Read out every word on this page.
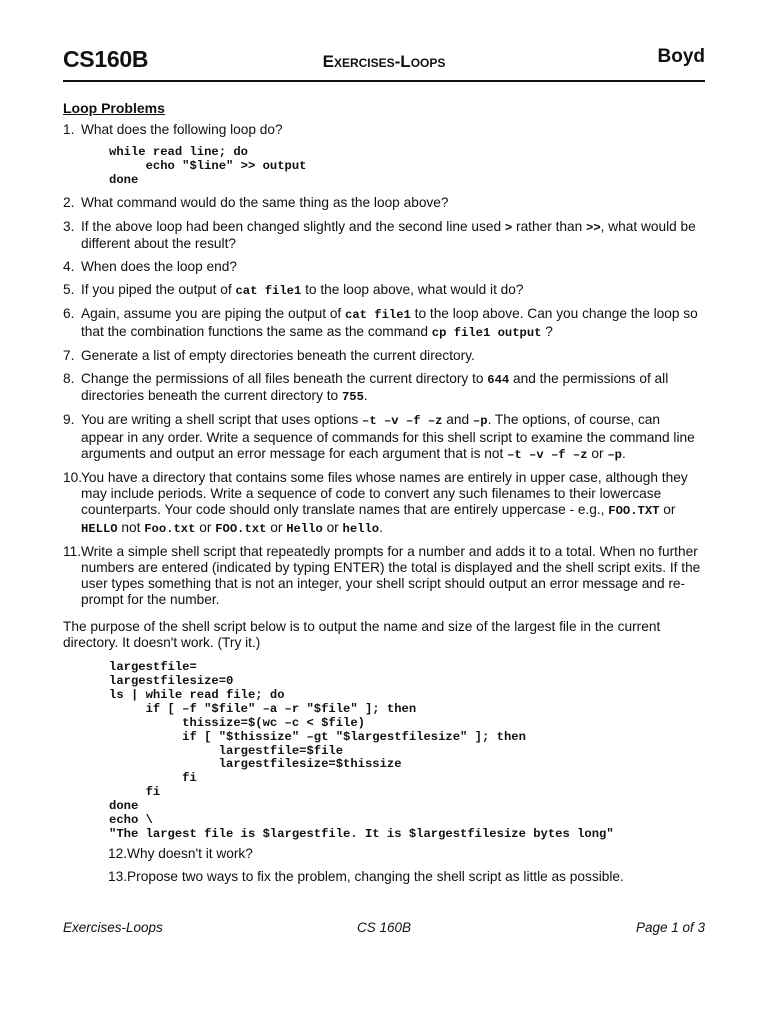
CS160B	Exercises-Loops	Boyd
Loop Problems
1. What does the following loop do?
while read line; do
echo "$line" >> output
done
2. What command would do the same thing as the loop above?
3. If the above loop had been changed slightly and the second line used > rather than >>, what would be different about the result?
4. When does the loop end?
5. If you piped the output of cat file1 to the loop above, what would it do?
6. Again, assume you are piping the output of cat file1 to the loop above. Can you change the loop so that the combination functions the same as the command cp file1 output ?
7. Generate a list of empty directories beneath the current directory.
8. Change the permissions of all files beneath the current directory to 644 and the permissions of all directories beneath the current directory to 755.
9. You are writing a shell script that uses options –t –v –f –z and –p. The options, of course, can appear in any order. Write a sequence of commands for this shell script to examine the command line arguments and output an error message for each argument that is not –t –v –f –z or –p.
10.
You have a directory that contains some files whose names are entirely in upper case, although they may include periods. Write a sequence of code to convert any such filenames to their lowercase counterparts. Your code should only translate names that are entirely uppercase - e.g., FOO.TXT or HELLO not Foo.txt or FOO.txt or Hello or hello.
11. Write a simple shell script that repeatedly prompts for a number and adds it to a total. When no further numbers are entered (indicated by typing ENTER) the total is displayed and the shell script exits. If the user types something that is not an integer, your shell script should output an error message and re-prompt for the number.
The purpose of the shell script below is to output the name and size of the largest file in the current directory. It doesn't work. (Try it.)
largestfile=
largestfilesize=0
ls | while read file; do
if [ –f "$file" –a –r "$file" ]; then
thissize=$(wc –c < $file)
if [ "$thissize" –gt "$largestfilesize" ]; then
largestfile=$file
largestfilesize=$thissize
fi
fi
done
echo \
"The largest file is $largestfile. It is $largestfilesize bytes long"
12.Why doesn't it work?
13.Propose two ways to fix the problem, changing the shell script as little as possible.
Exercises-Loops	CS 160B	Page 1 of 3
